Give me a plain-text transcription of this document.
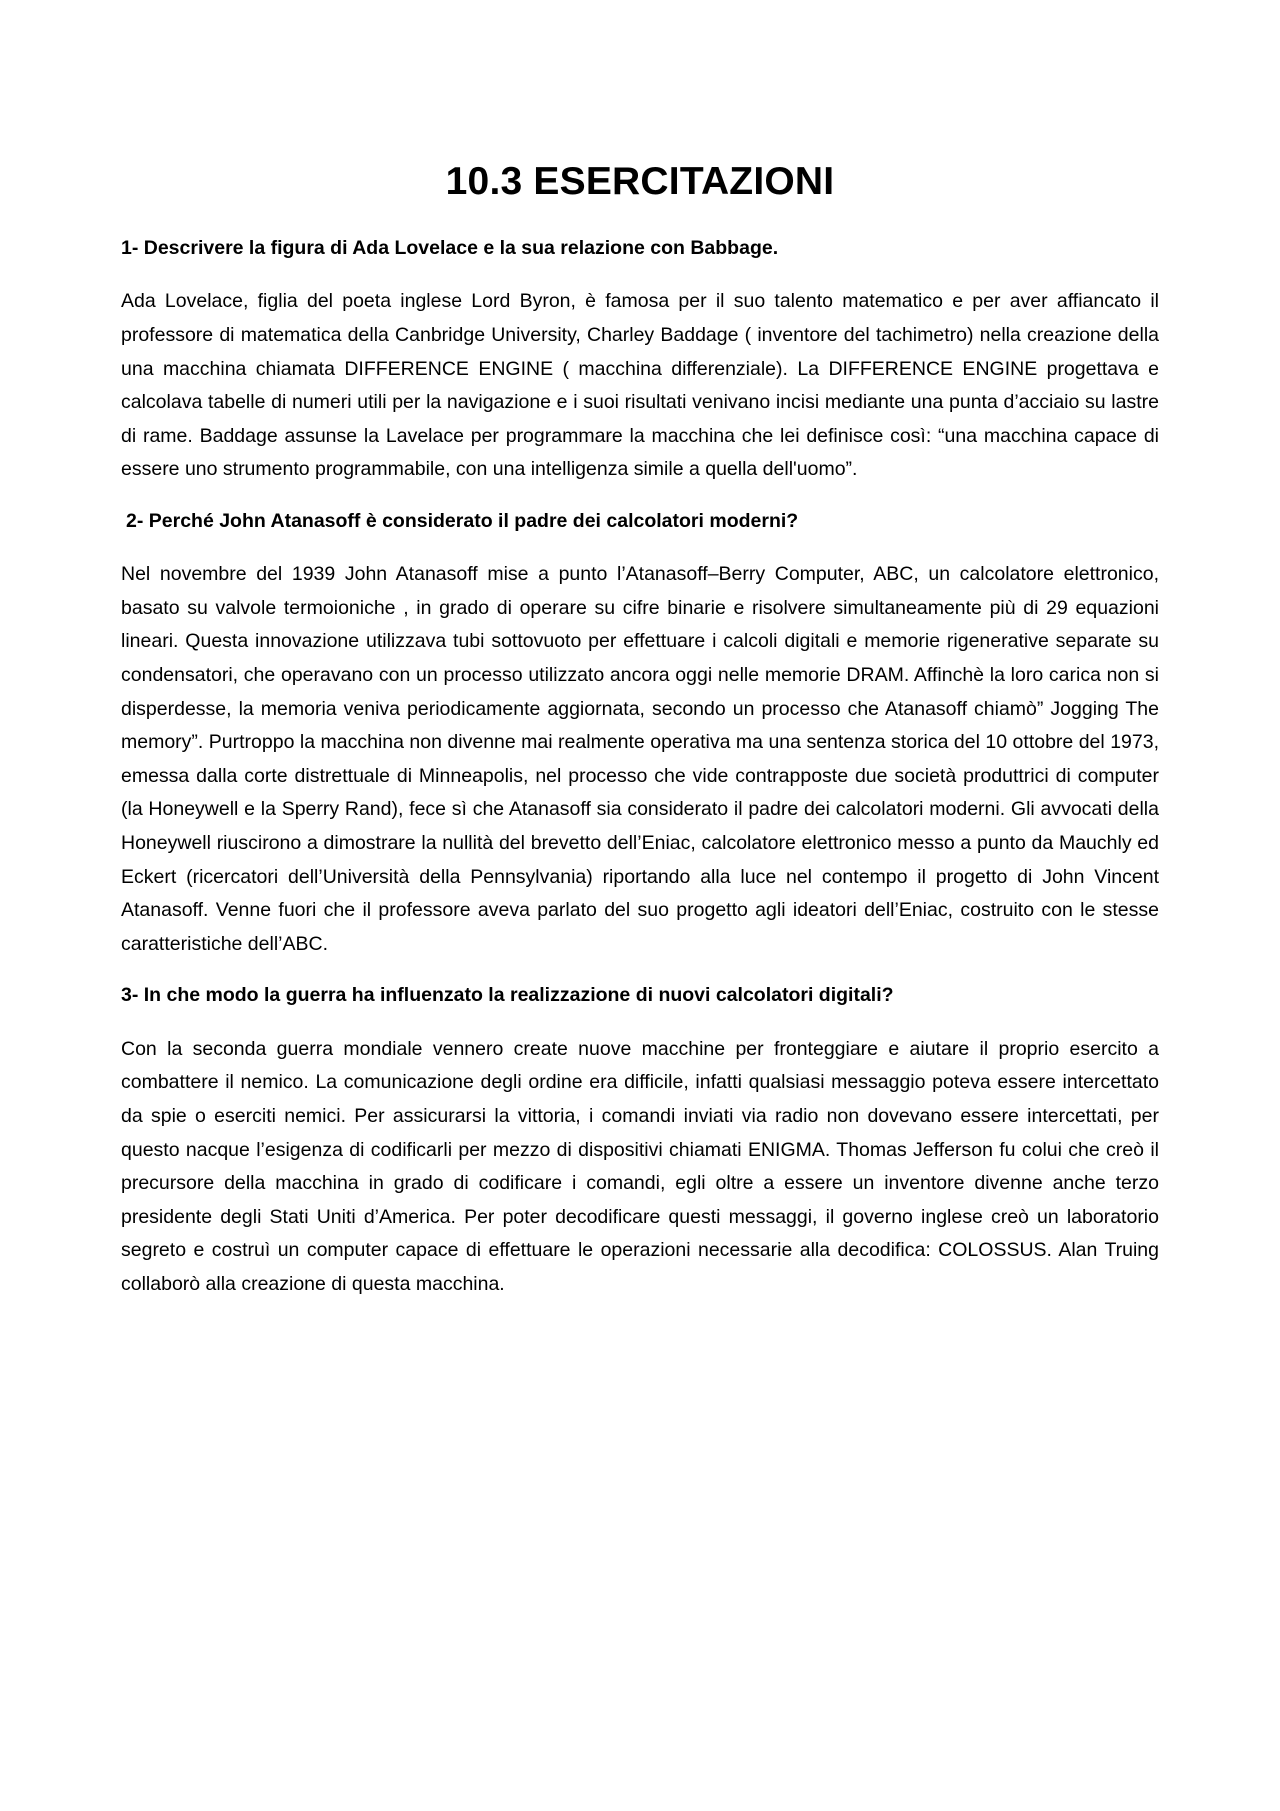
10.3 ESERCITAZIONI

1- Descrivere la figura di Ada Lovelace e la sua relazione con Babbage.

Ada Lovelace, figlia del poeta inglese Lord Byron, è famosa per il suo talento matematico e per aver affiancato il professore di matematica della Canbridge University, Charley Baddage ( inventore del tachimetro) nella creazione della una macchina chiamata DIFFERENCE ENGINE ( macchina differenziale). La DIFFERENCE ENGINE progettava e calcolava tabelle di numeri utili per la navigazione e i suoi risultati venivano incisi mediante una punta d’acciaio su lastre di rame. Baddage assunse la Lavelace per programmare la macchina che lei definisce così: “una macchina capace di essere uno strumento programmabile, con una intelligenza simile a quella dell'uomo”.

2- Perché John Atanasoff è considerato il padre dei calcolatori moderni?

Nel novembre del 1939 John Atanasoff mise a punto l’Atanasoff–Berry Computer, ABC, un calcolatore elettronico, basato su valvole termoioniche , in grado di operare su cifre binarie e risolvere simultaneamente più di 29 equazioni lineari. Questa innovazione utilizzava tubi sottovuoto per effettuare i calcoli digitali e memorie rigenerative separate su condensatori, che operavano con un processo utilizzato ancora oggi nelle memorie DRAM. Affinchè la loro carica non si disperdesse, la memoria veniva periodicamente aggiornata, secondo un processo che Atanasoff chiamò” Jogging The memory”. Purtroppo la macchina non divenne mai realmente operativa ma una sentenza storica del 10 ottobre del 1973, emessa dalla corte distrettuale di Minneapolis, nel processo che vide contrapposte due società produttrici di computer (la Honeywell e la Sperry Rand), fece sì che Atanasoff sia considerato il padre dei calcolatori moderni. Gli avvocati della Honeywell riuscirono a dimostrare la nullità del brevetto dell’Eniac, calcolatore elettronico messo a punto da Mauchly ed Eckert (ricercatori dell’Università della Pennsylvania) riportando alla luce nel contempo il progetto di John Vincent Atanasoff. Venne fuori che il professore aveva parlato del suo progetto agli ideatori dell’Eniac, costruito con le stesse caratteristiche dell’ABC.

3- In che modo la guerra ha influenzato la realizzazione di nuovi calcolatori digitali?

Con la seconda guerra mondiale vennero create nuove macchine per fronteggiare e aiutare il proprio esercito a combattere il nemico. La comunicazione degli ordine era difficile, infatti qualsiasi messaggio poteva essere intercettato da spie o eserciti nemici. Per assicurarsi la vittoria, i comandi inviati via radio non dovevano essere intercettati, per questo nacque l’esigenza di codificarli per mezzo di dispositivi chiamati ENIGMA. Thomas Jefferson fu colui che creò il precursore della macchina in grado di codificare i comandi, egli oltre a essere un inventore divenne anche terzo presidente degli Stati Uniti d’America. Per poter decodificare questi messaggi, il governo inglese creò un laboratorio segreto e costruì un computer capace di effettuare le operazioni necessarie alla decodifica: COLOSSUS. Alan Truing collaborò alla creazione di questa macchina.
